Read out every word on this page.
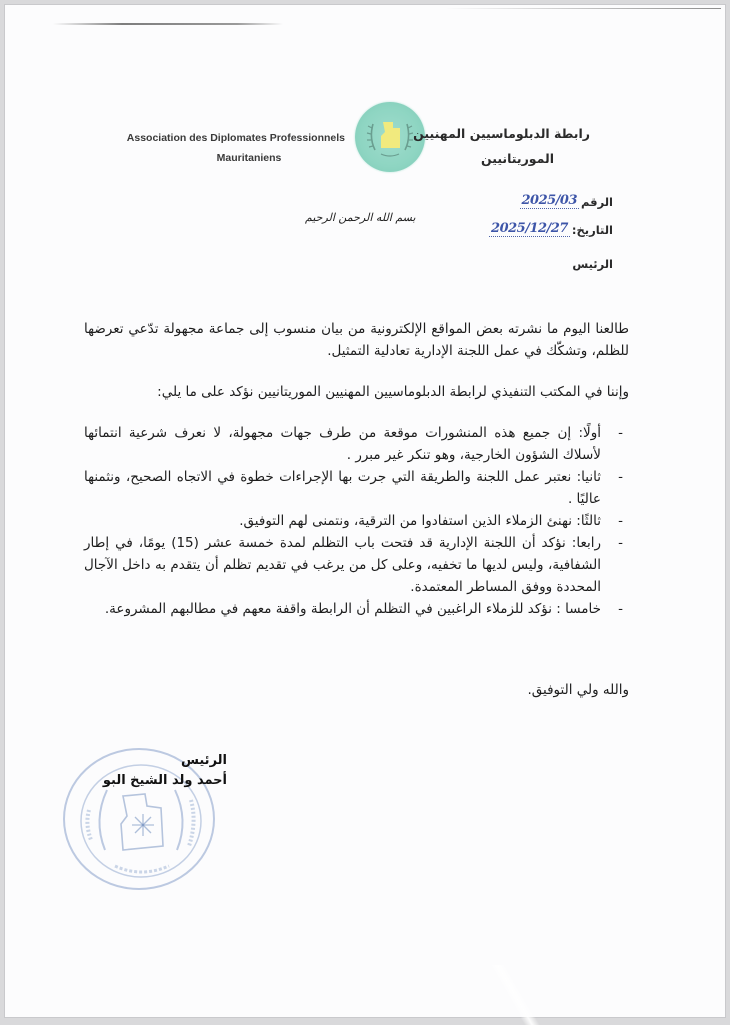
Association des Diplomates Professionnels
Mauritaniens
رابطة الدبلوماسيين المهنيين
الموريتانيين
الرقم
2025/03
التاريخ:
2025/12/27
الرئيس
بسم الله الرحمن الرحيم

طالعنا اليوم ما نشرته بعض المواقع الإلكترونية من بيان منسوب إلى جماعة مجهولة تدّعي تعرضها للظلم، وتشكّك في عمل اللجنة الإدارية تعادلية التمثيل.

وإننا في المكتب التنفيذي لرابطة الدبلوماسيين المهنيين الموريتانيين نؤكد على ما يلي:

-
أولًا: إن جميع هذه المنشورات موقعة من طرف جهات مجهولة، لا نعرف شرعية انتمائها لأسلاك الشؤون الخارجية، وهو تنكر غير مبرر .
-
ثانيا: نعتبر عمل اللجنة والطريقة التي جرت بها الإجراءات خطوة في الاتجاه الصحيح، ونثمنها عاليًا .
-
ثالثًا: نهنئ الزملاء الذين استفادوا من الترقية، ونتمنى لهم التوفيق.
-
رابعا: نؤكد أن اللجنة الإدارية قد فتحت باب التظلم لمدة خمسة عشر (15) يومًا، في إطار الشفافية، وليس لديها ما تخفيه، وعلى كل من يرغب في تقديم تظلم أن يتقدم به داخل الآجال المحددة ووفق المساطر المعتمدة.
-
خامسا : نؤكد للزملاء الراغبين في التظلم أن الرابطة واقفة معهم في مطالبهم المشروعة.
والله ولي التوفيق.
الرئيس
أحمد ولد الشيخ البو
